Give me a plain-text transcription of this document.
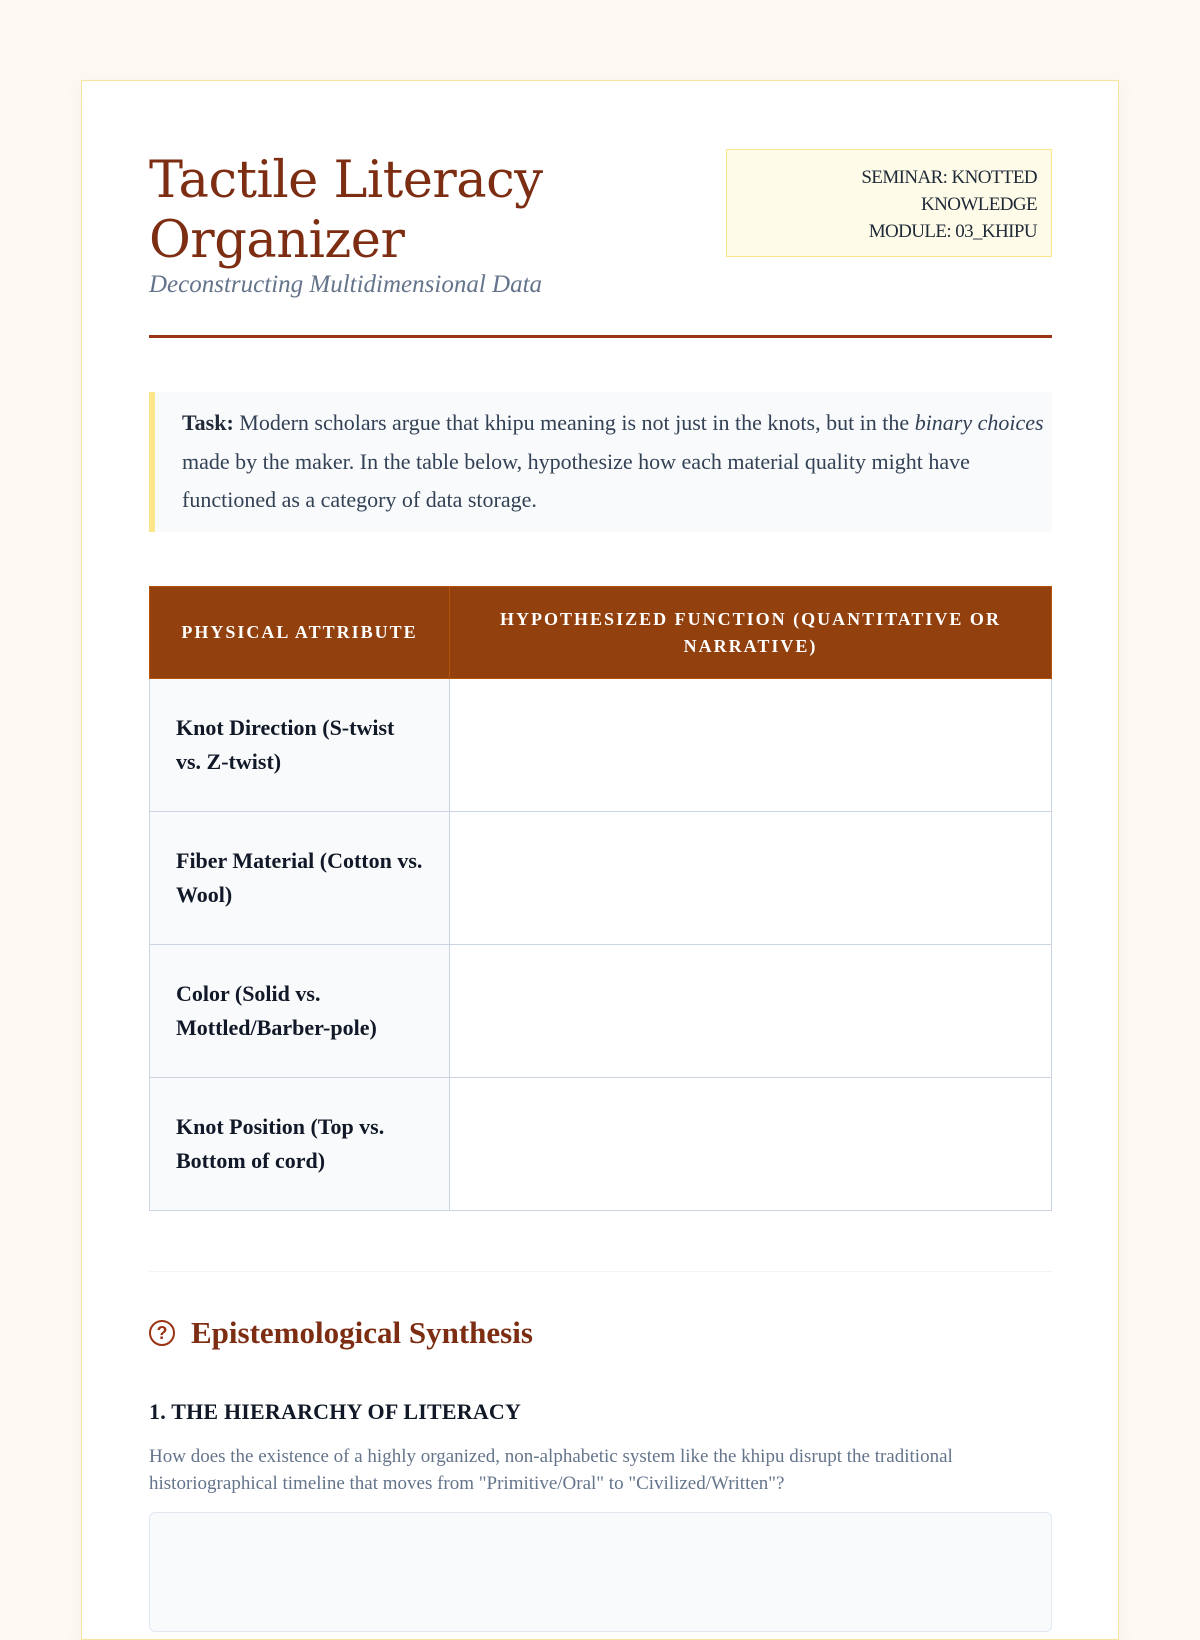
Tactile Literacy
Organizer
Deconstructing Multidimensional Data
SEMINAR: KNOTTED
KNOWLEDGE
MODULE: 03_KHIPU
Task: Modern scholars argue that khipu meaning is not just in the knots, but in the binary choices made by the maker. In the table below, hypothesize how each material quality might have functioned as a category of data storage.
PHYSICAL ATTRIBUTE	HYPOTHESIZED FUNCTION (QUANTITATIVE OR NARRATIVE)
Knot Direction (S-twist vs. Z-twist)	
Fiber Material (Cotton vs. Wool)	
Color (Solid vs. Mottled/Barber-pole)	
Knot Position (Top vs. Bottom of cord)	
? Epistemological Synthesis
1. THE HIERARCHY OF LITERACY
How does the existence of a highly organized, non-alphabetic system like the khipu disrupt the traditional historiographical timeline that moves from "Primitive/Oral" to "Civilized/Written"?
